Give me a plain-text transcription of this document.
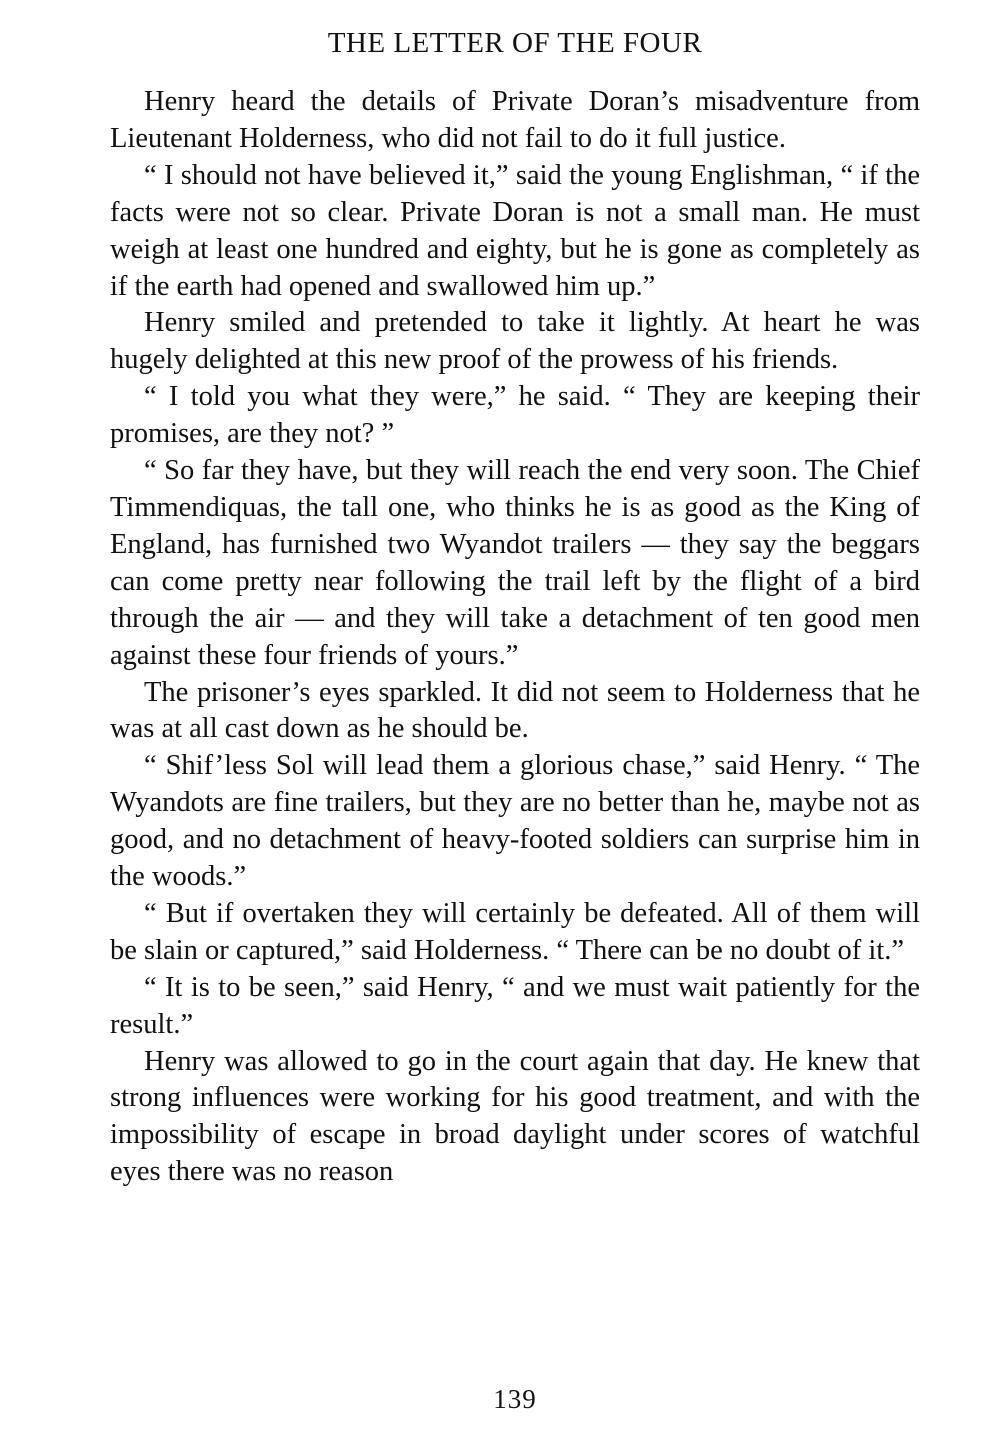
THE LETTER OF THE FOUR

Henry heard the details of Private Doran’s misadventure from Lieutenant Holderness, who did not fail to do it full justice.

“ I should not have believed it,” said the young Englishman, “ if the facts were not so clear. Private Doran is not a small man. He must weigh at least one hundred and eighty, but he is gone as completely as if the earth had opened and swallowed him up.”

Henry smiled and pretended to take it lightly. At heart he was hugely delighted at this new proof of the prowess of his friends.

“ I told you what they were,” he said. “ They are keeping their promises, are they not? ”

“ So far they have, but they will reach the end very soon. The Chief Timmendiquas, the tall one, who thinks he is as good as the King of England, has furnished two Wyandot trailers — they say the beggars can come pretty near following the trail left by the flight of a bird through the air — and they will take a detachment of ten good men against these four friends of yours.”

The prisoner’s eyes sparkled. It did not seem to Holderness that he was at all cast down as he should be.

“ Shif’less Sol will lead them a glorious chase,” said Henry. “ The Wyandots are fine trailers, but they are no better than he, maybe not as good, and no detachment of heavy-footed soldiers can surprise him in the woods.”

“ But if overtaken they will certainly be defeated. All of them will be slain or captured,” said Holderness. “ There can be no doubt of it.”

“ It is to be seen,” said Henry, “ and we must wait patiently for the result.”

Henry was allowed to go in the court again that day. He knew that strong influences were working for his good treatment, and with the impossibility of escape in broad daylight under scores of watchful eyes there was no reason

139
